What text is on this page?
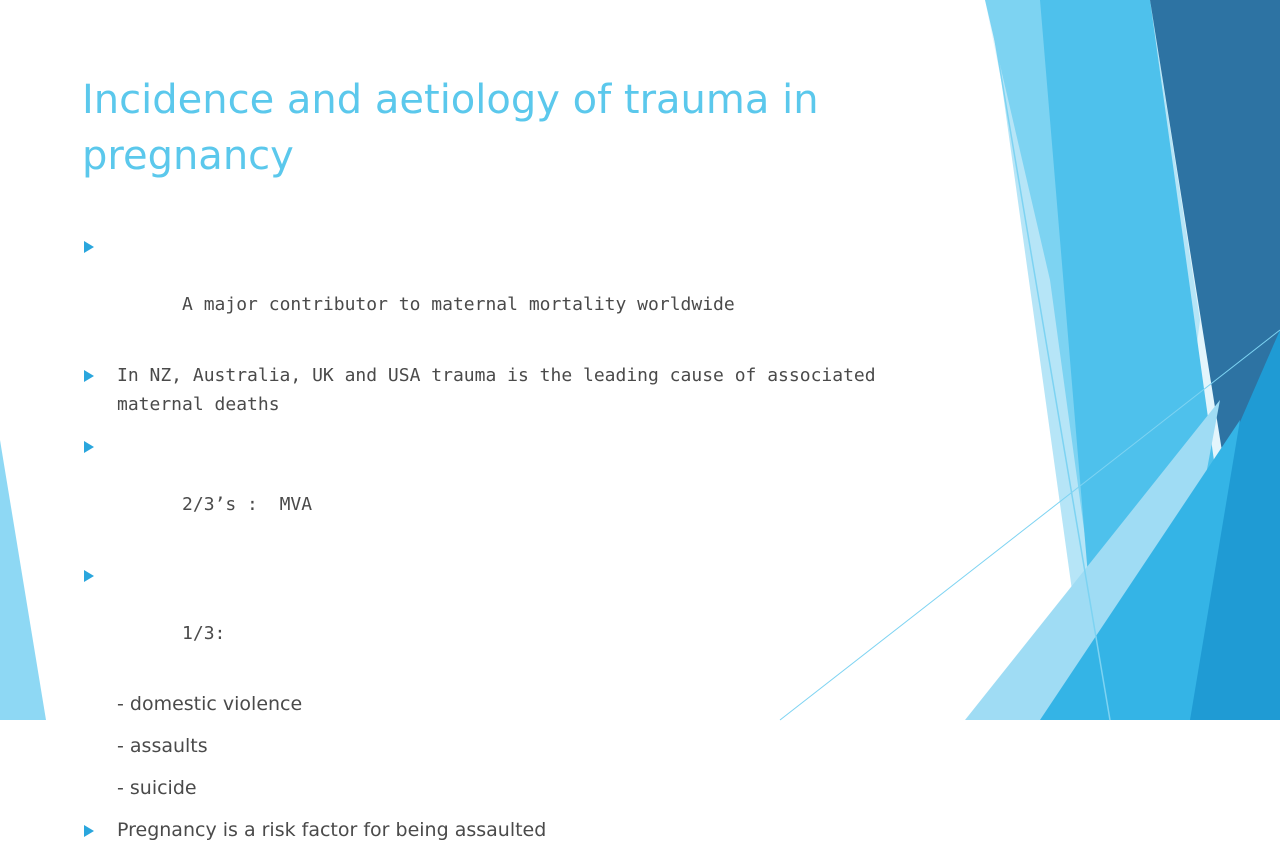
Incidence and aetiology of trauma in pregnancy

A major contributor to maternal mortality worldwide

In NZ, Australia, UK and USA trauma is the leading cause of associated maternal deaths

2/3’s :  MVA

1/3:

- domestic violence
- assaults
- suicide
Pregnancy is a risk factor for being assaulted
